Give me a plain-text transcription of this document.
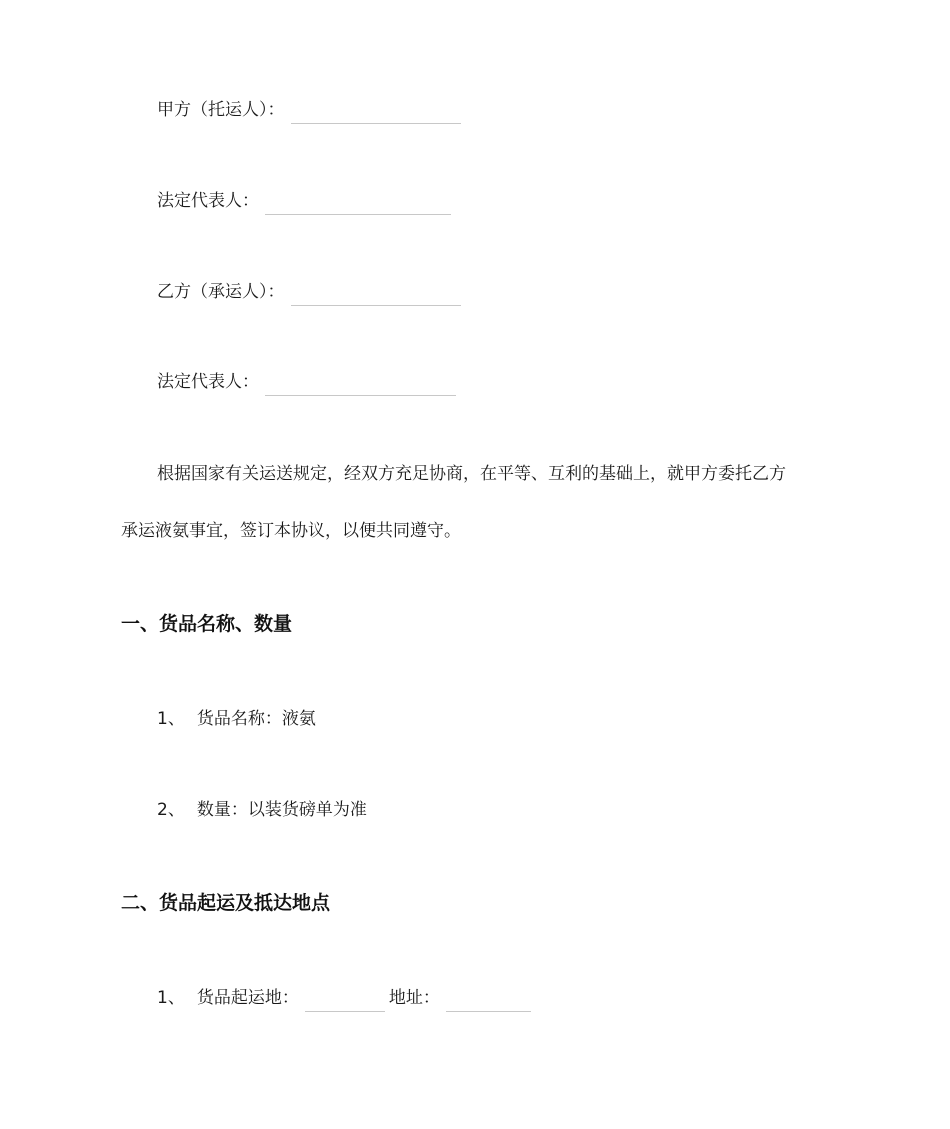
甲方（托运人）：
法定代表人：
乙方（承运人）：
法定代表人：
根据国家有关运送规定，经双方充足协商，在平等、互利的基础上，就甲方委托乙方
承运液氨事宜，签订本协议，以便共同遵守。
一、货品名称、数量
1、 货品名称：液氨
2、 数量：以装货磅单为准
二、货品起运及抵达地点
1、 货品起运地：	地址：
